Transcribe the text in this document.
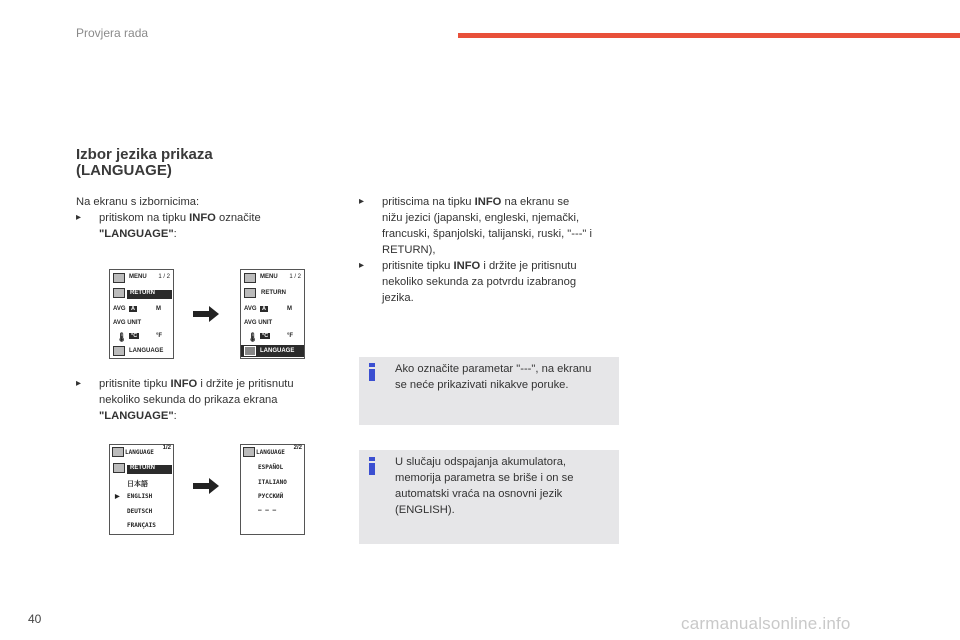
Provjera rada
Izbor jezika prikaza
(LANGUAGE)
Na ekranu s izbornicima:
▸ pritiskom na tipku INFO označite
"LANGUAGE":
MENU 1 / 2
RETURN
AVG A	M
AVG UNIT
🌡 °C	°F
LANGUAGE
MENU 1 / 2
RETURN
AVG A	M
AVG UNIT
🌡 °C	°F
LANGUAGE
▸ pritisnite tipku INFO i držite je pritisnutu
nekoliko sekunda do prikaza ekrana
"LANGUAGE":
LANGUAGE
1/2
RETURN
日本語
▶ ENGLISH
DEUTSCH
FRANÇAIS
LANGUAGE
2/2
ESPAÑOL
ITALIANO
РУССКИЙ
— — —
▸ pritiscima na tipku INFO na ekranu se
nižu jezici (japanski, engleski, njemački,
francuski, španjolski, talijanski, ruski, "---" i
RETURN),
▸ pritisnite tipku INFO i držite je pritisnutu
nekoliko sekunda za potvrdu izabranog
jezika.
Ako označite parametar "---", na ekranu
se neće prikazivati nikakve poruke.
U slučaju odspajanja akumulatora,
memorija parametra se briše i on se
automatski vraća na osnovni jezik
(ENGLISH).
40	carmanualsonline.info
